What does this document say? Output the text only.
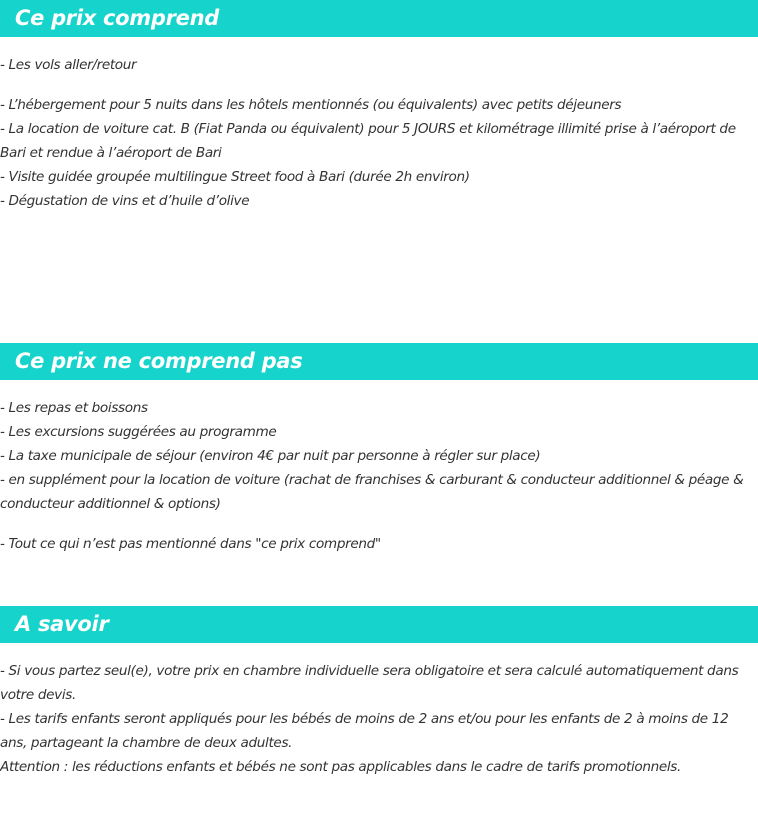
Ce prix comprend

- Les vols aller/retour

- L’hébergement pour 5 nuits dans les hôtels mentionnés (ou équivalents) avec petits déjeuners

- La location de voiture cat. B (Fiat Panda ou équivalent) pour 5 JOURS et kilométrage illimité prise à l’aéroport de Bari et rendue à l’aéroport de Bari

- Visite guidée groupée multilingue Street food à Bari (durée 2h environ)

- Dégustation de vins et d’huile d’olive

Ce prix ne comprend pas

- Les repas et boissons

- Les excursions suggérées au programme

- La taxe municipale de séjour (environ 4€ par nuit par personne à régler sur place)

- en supplément pour la location de voiture (rachat de franchises & carburant & conducteur additionnel & péage & conducteur additionnel & options)

- Tout ce qui n’est pas mentionné dans "ce prix comprend"

A savoir

- Si vous partez seul(e), votre prix en chambre individuelle sera obligatoire et sera calculé automatiquement dans votre devis.

- Les tarifs enfants seront appliqués pour les bébés de moins de 2 ans et/ou pour les enfants de 2 à moins de 12 ans, partageant la chambre de deux adultes.

Attention : les réductions enfants et bébés ne sont pas applicables dans le cadre de tarifs promotionnels.
